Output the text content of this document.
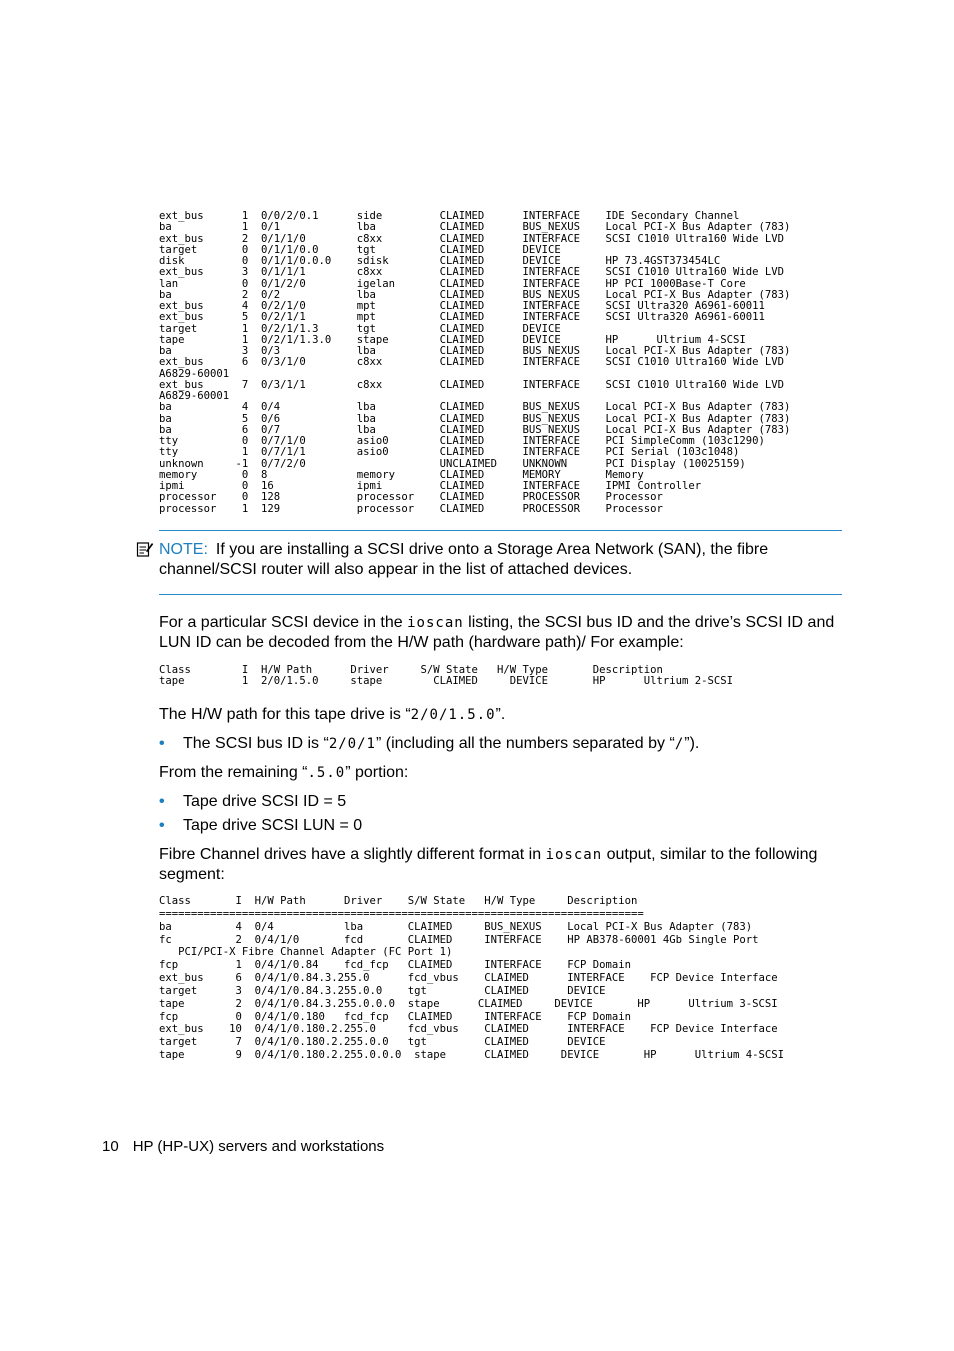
ext_bus      1  0/0/2/0.1      side         CLAIMED      INTERFACE    IDE Secondary Channel
ba           1  0/1            lba          CLAIMED      BUS_NEXUS    Local PCI-X Bus Adapter (783)
ext_bus      2  0/1/1/0        c8xx         CLAIMED      INTERFACE    SCSI C1010 Ultra160 Wide LVD
target       0  0/1/1/0.0      tgt          CLAIMED      DEVICE
disk         0  0/1/1/0.0.0    sdisk        CLAIMED      DEVICE       HP 73.4GST373454LC
ext_bus      3  0/1/1/1        c8xx         CLAIMED      INTERFACE    SCSI C1010 Ultra160 Wide LVD
lan          0  0/1/2/0        igelan       CLAIMED      INTERFACE    HP PCI 1000Base-T Core
ba           2  0/2            lba          CLAIMED      BUS_NEXUS    Local PCI-X Bus Adapter (783)
ext_bus      4  0/2/1/0        mpt          CLAIMED      INTERFACE    SCSI Ultra320 A6961-60011
ext_bus      5  0/2/1/1        mpt          CLAIMED      INTERFACE    SCSI Ultra320 A6961-60011
target       1  0/2/1/1.3      tgt          CLAIMED      DEVICE
tape         1  0/2/1/1.3.0    stape        CLAIMED      DEVICE       HP      Ultrium 4-SCSI
ba           3  0/3            lba          CLAIMED      BUS_NEXUS    Local PCI-X Bus Adapter (783)
ext_bus      6  0/3/1/0        c8xx         CLAIMED      INTERFACE    SCSI C1010 Ultra160 Wide LVD
A6829-60001
ext_bus      7  0/3/1/1        c8xx         CLAIMED      INTERFACE    SCSI C1010 Ultra160 Wide LVD
A6829-60001
ba           4  0/4            lba          CLAIMED      BUS_NEXUS    Local PCI-X Bus Adapter (783)
ba           5  0/6            lba          CLAIMED      BUS_NEXUS    Local PCI-X Bus Adapter (783)
ba           6  0/7            lba          CLAIMED      BUS_NEXUS    Local PCI-X Bus Adapter (783)
tty          0  0/7/1/0        asio0        CLAIMED      INTERFACE    PCI SimpleComm (103c1290)
tty          1  0/7/1/1        asio0        CLAIMED      INTERFACE    PCI Serial (103c1048)
unknown     -1  0/7/2/0                     UNCLAIMED    UNKNOWN      PCI Display (10025159)
memory       0  8              memory       CLAIMED      MEMORY       Memory
ipmi         0  16             ipmi         CLAIMED      INTERFACE    IPMI Controller
processor    0  128            processor    CLAIMED      PROCESSOR    Processor
processor    1  129            processor    CLAIMED      PROCESSOR    Processor
NOTE: If you are installing a SCSI drive onto a Storage Area Network (SAN), the fibre channel/SCSI router will also appear in the list of attached devices.

For a particular SCSI device in the ioscan listing, the SCSI bus ID and the drive’s SCSI ID and LUN ID can be decoded from the H/W path (hardware path)/ For example:

Class        I  H/W Path      Driver     S/W State   H/W Type       Description
tape         1  2/0/1.5.0     stape        CLAIMED     DEVICE       HP      Ultrium 2-SCSI

The H/W path for this tape drive is “2/0/1.5.0”.

• The SCSI bus ID is “2/0/1” (including all the numbers separated by “/”).

From the remaining “.5.0” portion:

• Tape drive SCSI ID = 5
• Tape drive SCSI LUN = 0

Fibre Channel drives have a slightly different format in ioscan output, similar to the following segment:

Class       I  H/W Path      Driver    S/W State   H/W Type     Description
============================================================================
ba          4  0/4           lba       CLAIMED     BUS_NEXUS    Local PCI-X Bus Adapter (783)
fc          2  0/4/1/0       fcd       CLAIMED     INTERFACE    HP AB378-60001 4Gb Single Port
PCI/PCI-X Fibre Channel Adapter (FC Port 1)
fcp         1  0/4/1/0.84    fcd_fcp   CLAIMED     INTERFACE    FCP Domain
ext_bus     6  0/4/1/0.84.3.255.0      fcd_vbus    CLAIMED      INTERFACE    FCP Device Interface
target      3  0/4/1/0.84.3.255.0.0    tgt         CLAIMED      DEVICE
tape        2  0/4/1/0.84.3.255.0.0.0  stape      CLAIMED     DEVICE       HP      Ultrium 3-SCSI
fcp         0  0/4/1/0.180   fcd_fcp   CLAIMED     INTERFACE    FCP Domain
ext_bus    10  0/4/1/0.180.2.255.0     fcd_vbus    CLAIMED      INTERFACE    FCP Device Interface
target      7  0/4/1/0.180.2.255.0.0   tgt         CLAIMED      DEVICE
tape        9  0/4/1/0.180.2.255.0.0.0  stape      CLAIMED     DEVICE       HP      Ultrium 4-SCSI
10 HP (HP-UX) servers and workstations
